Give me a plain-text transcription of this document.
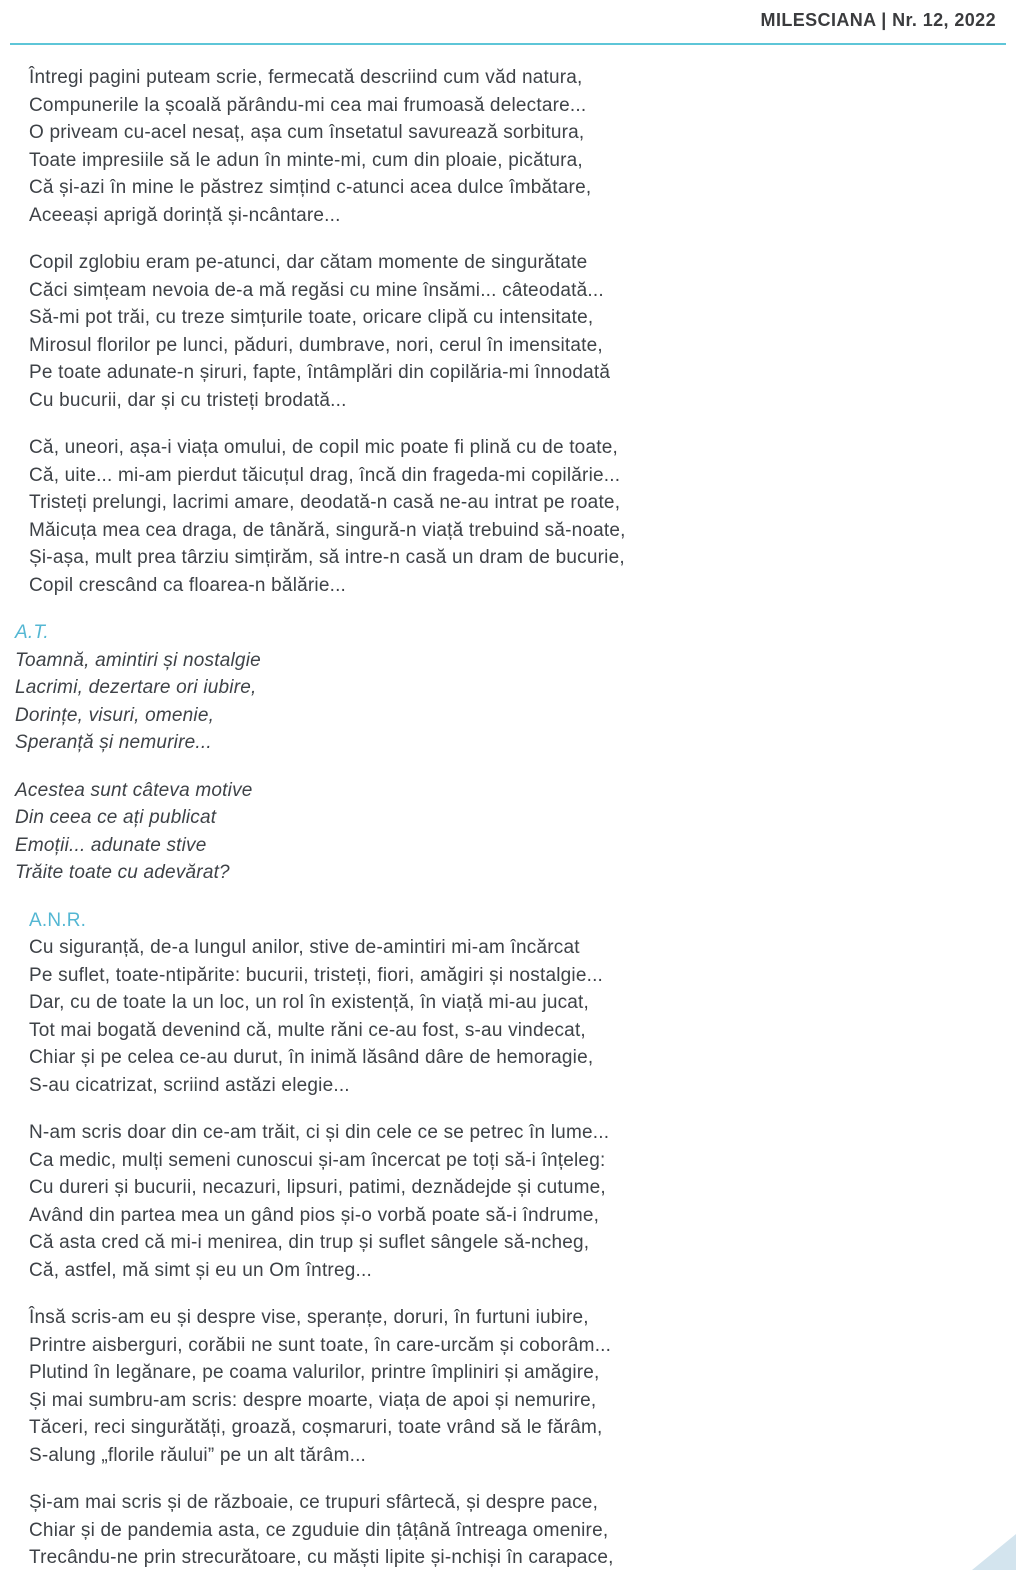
MILESCIANA | Nr. 12, 2022

Întregi pagini puteam scrie, fermecată descriind cum văd natura,
Compunerile la școală părându-mi cea mai frumoasă delectare...
O priveam cu-acel nesaț, așa cum însetatul savurează sorbitura,
Toate impresiile să le adun în minte-mi, cum din ploaie, picătura,
Că și-azi în mine le păstrez simțind c-atunci acea dulce îmbătare,
Aceeași aprigă dorință și-ncântare...

Copil zglobiu eram pe-atunci, dar cătam momente de singurătate
Căci simțeam nevoia de-a mă regăsi cu mine însămi... câteodată...
Să-mi pot trăi, cu treze simțurile toate, oricare clipă cu intensitate,
Mirosul florilor pe lunci, păduri, dumbrave, nori, cerul în imensitate,
Pe toate adunate-n șiruri, fapte, întâmplări din copilăria-mi înnodată
Cu bucurii, dar și cu tristeți brodată...

Că, uneori, așa-i viața omului, de copil mic poate fi plină cu de toate,
Că, uite... mi-am pierdut tăicuțul drag, încă din frageda-mi copilărie...
Tristeți prelungi, lacrimi amare, deodată-n casă ne-au intrat pe roate,
Măicuța mea cea draga, de tânără, singură-n viață trebuind să-noate,
Și-așa, mult prea târziu simțirăm, să intre-n casă un dram de bucurie,
Copil crescând ca floarea-n bălărie...

A.T.

Toamnă, amintiri și nostalgie
Lacrimi, dezertare ori iubire,
Dorințe, visuri, omenie,
Speranță și nemurire...

Acestea sunt câteva motive
Din ceea ce ați publicat
Emoții... adunate stive
Trăite toate cu adevărat?

A.N.R.

Cu siguranță, de-a lungul anilor, stive de-amintiri mi-am încărcat
Pe suflet, toate-ntipărite: bucurii, tristeți, fiori, amăgiri și nostalgie...
Dar, cu de toate la un loc, un rol în existență, în viață mi-au jucat,
Tot mai bogată devenind că, multe răni ce-au fost, s-au vindecat,
Chiar și pe celea ce-au durut, în inimă lăsând dâre de hemoragie,
S-au cicatrizat, scriind astăzi elegie...

N-am scris doar din ce-am trăit, ci și din cele ce se petrec în lume...
Ca medic, mulți semeni cunoscui și-am încercat pe toți să-i înțeleg:
Cu dureri și bucurii, necazuri, lipsuri, patimi, deznădejde și cutume,
Având din partea mea un gând pios și-o vorbă poate să-i îndrume,
Că asta cred că mi-i menirea, din trup și suflet sângele să-ncheg,
Că, astfel, mă simt și eu un Om întreg...

Însă scris-am eu și despre vise, speranțe, doruri, în furtuni iubire,
Printre aisberguri, corăbii ne sunt toate, în care-urcăm și coborâm...
Plutind în legănare, pe coama valurilor, printre împliniri și amăgire,
Și mai sumbru-am scris: despre moarte, viața de apoi și nemurire,
Tăceri, reci singurătăți, groază, coșmaruri, toate vrând să le fărâm,
S-alung „florile răului” pe un alt tărâm...

Și-am mai scris și de războaie, ce trupuri sfârtecă, și despre pace,
Chiar și de pandemia asta, ce zguduie din țâțână întreaga omenire,
Trecându-ne prin strecurătoare, cu măști lipite și-nchiși în carapace,
